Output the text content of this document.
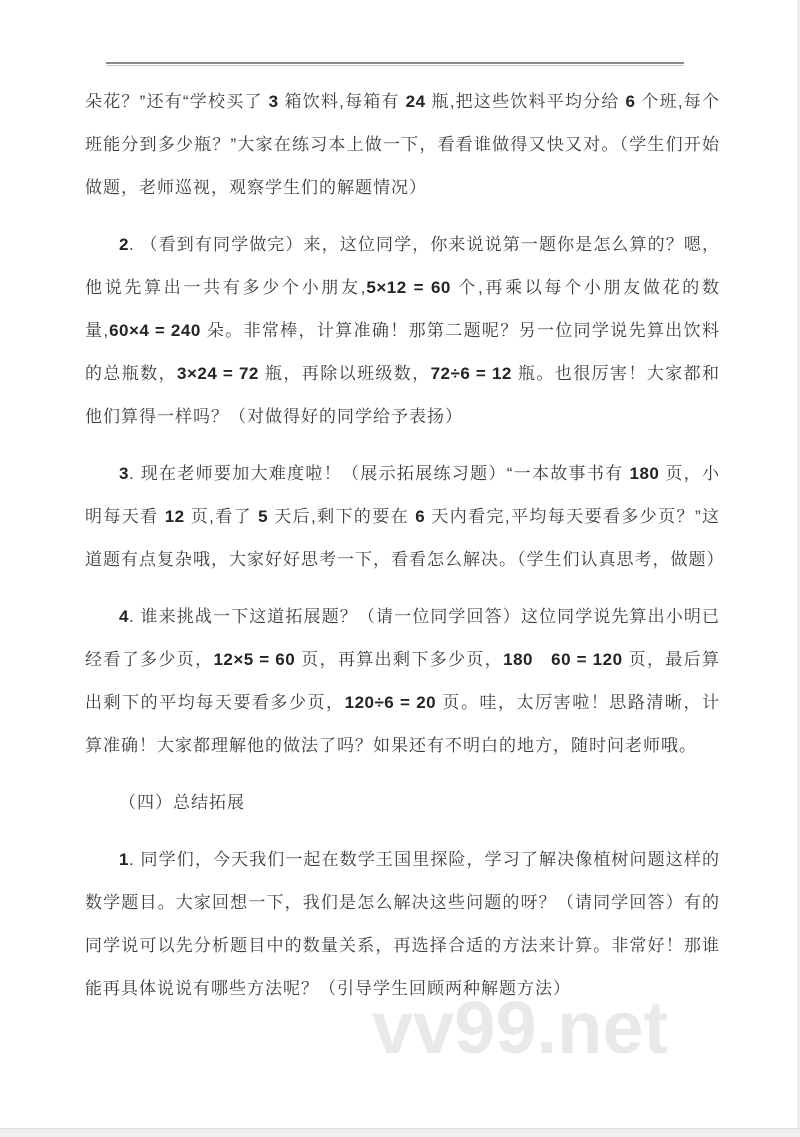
vv99.net

朵花？”还有“学校买了 3 箱饮料,每箱有 24 瓶,把这些饮料平均分给 6 个班,每个班能分到多少瓶？”大家在练习本上做一下，看看谁做得又快又对。（学生们开始做题，老师巡视，观察学生们的解题情况）

2. （看到有同学做完）来，这位同学，你来说说第一题你是怎么算的？嗯，他说先算出一共有多少个小朋友,5×12 = 60 个,再乘以每个小朋友做花的数量,60×4 = 240 朵。非常棒，计算准确！那第二题呢？另一位同学说先算出饮料的总瓶数，3×24 = 72 瓶，再除以班级数，72÷6 = 12 瓶。也很厉害！大家都和他们算得一样吗？（对做得好的同学给予表扬）

3. 现在老师要加大难度啦！（展示拓展练习题）“一本故事书有 180 页，小明每天看 12 页,看了 5 天后,剩下的要在 6 天内看完,平均每天要看多少页？”这道题有点复杂哦，大家好好思考一下，看看怎么解决。（学生们认真思考，做题）

4. 谁来挑战一下这道拓展题？（请一位同学回答）这位同学说先算出小明已经看了多少页，12×5 = 60 页，再算出剩下多少页，180　60 = 120 页，最后算出剩下的平均每天要看多少页，120÷6 = 20 页。哇，太厉害啦！思路清晰，计算准确！大家都理解他的做法了吗？如果还有不明白的地方，随时问老师哦。

（四）总结拓展

1. 同学们，今天我们一起在数学王国里探险，学习了解决像植树问题这样的数学题目。大家回想一下，我们是怎么解决这些问题的呀？（请同学回答）有的同学说可以先分析题目中的数量关系，再选择合适的方法来计算。非常好！那谁能再具体说说有哪些方法呢？（引导学生回顾两种解题方法）
